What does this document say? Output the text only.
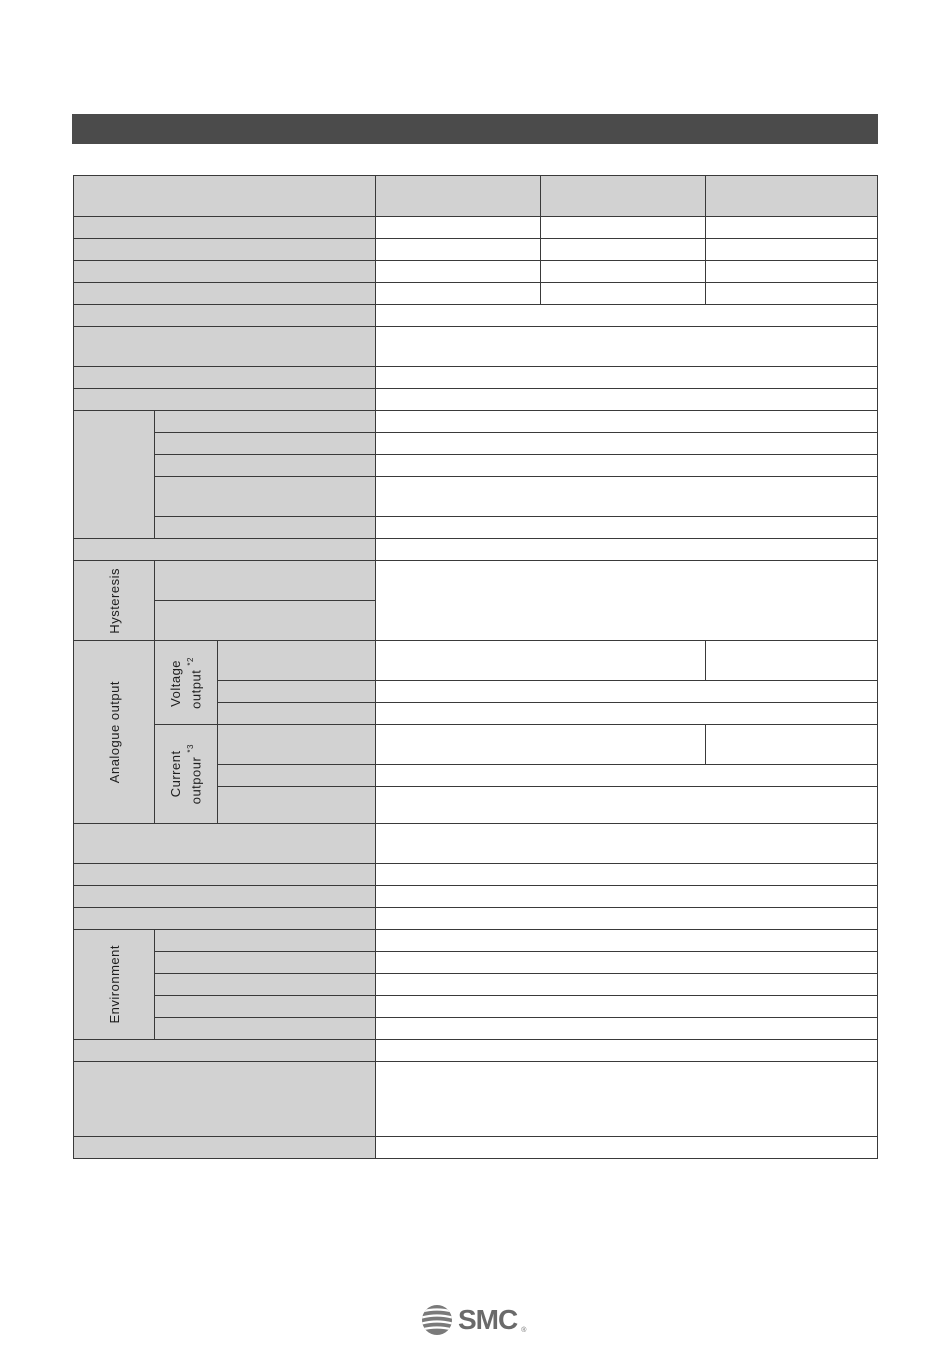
Hysteresis					

Analogue output	Voltage output $^{*2}$

	Current outpour $^{*3}$

Environment					

SMC ®
